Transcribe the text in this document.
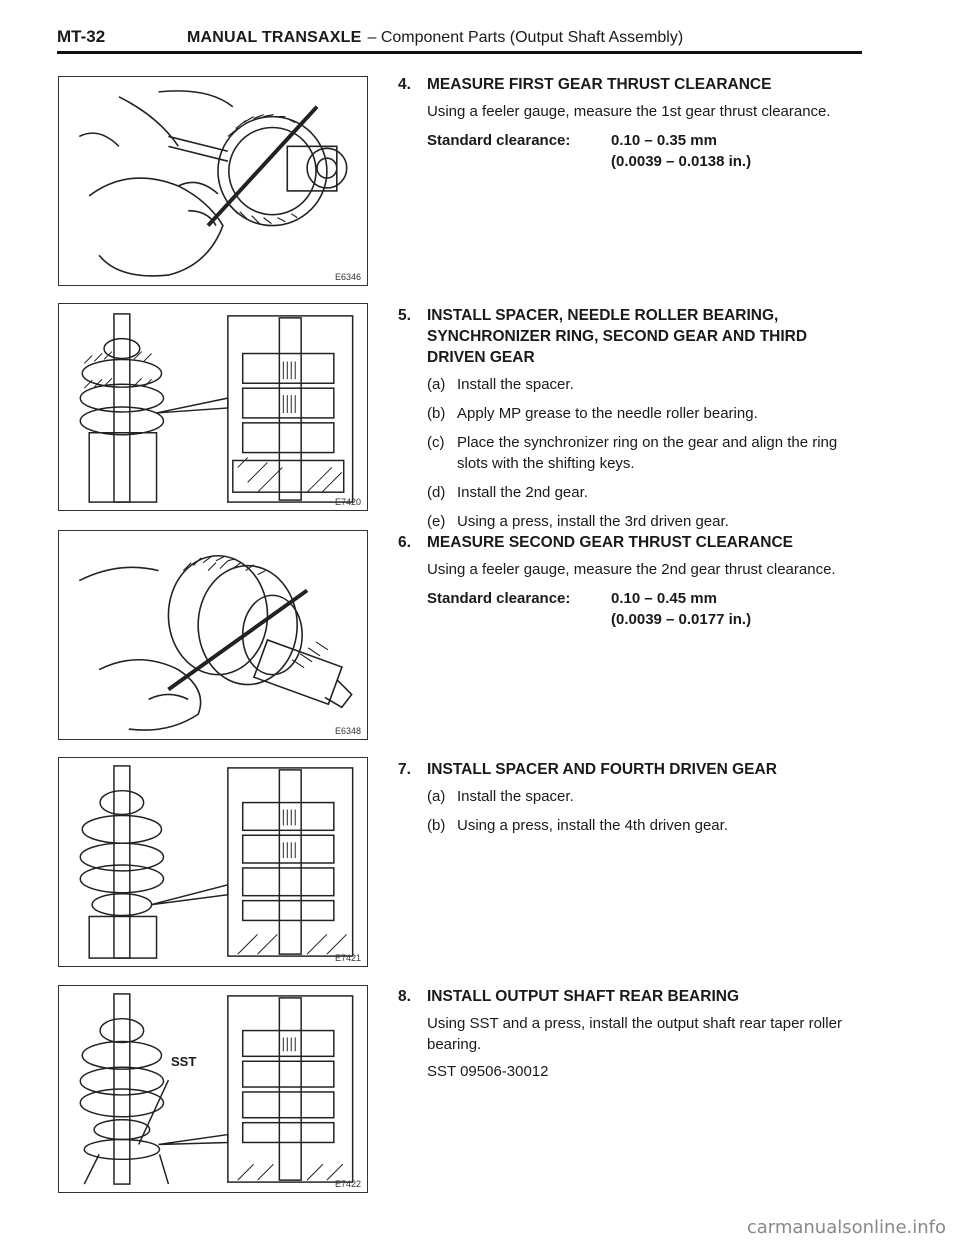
MT-32	MANUAL TRANSAXLE – Component Parts (Output Shaft Assembly)
E6346
E7420
E6348
E7421
SST
E7422
4.	MEASURE FIRST GEAR THRUST CLEARANCE
Using a feeler gauge, measure the 1st gear thrust clearance.
Standard clearance:	0.10 – 0.35 mm
(0.0039 – 0.0138 in.)
5.	INSTALL SPACER, NEEDLE ROLLER BEARING, SYNCHRONIZER RING, SECOND GEAR AND THIRD DRIVEN GEAR
(a) Install the spacer.
(b) Apply MP grease to the needle roller bearing.
(c) Place the synchronizer ring on the gear and align the ring slots with the shifting keys.
(d) Install the 2nd gear.
(e) Using a press, install the 3rd driven gear.
6.	MEASURE SECOND GEAR THRUST CLEARANCE
Using a feeler gauge, measure the 2nd gear thrust clearance.
Standard clearance:	0.10 – 0.45 mm
(0.0039 – 0.0177 in.)
7.	INSTALL SPACER AND FOURTH DRIVEN GEAR
(a) Install the spacer.
(b) Using a press, install the 4th driven gear.
8.	INSTALL OUTPUT SHAFT REAR BEARING
Using SST and a press, install the output shaft rear taper roller bearing.
SST 09506-30012
carmanualsonline.info
